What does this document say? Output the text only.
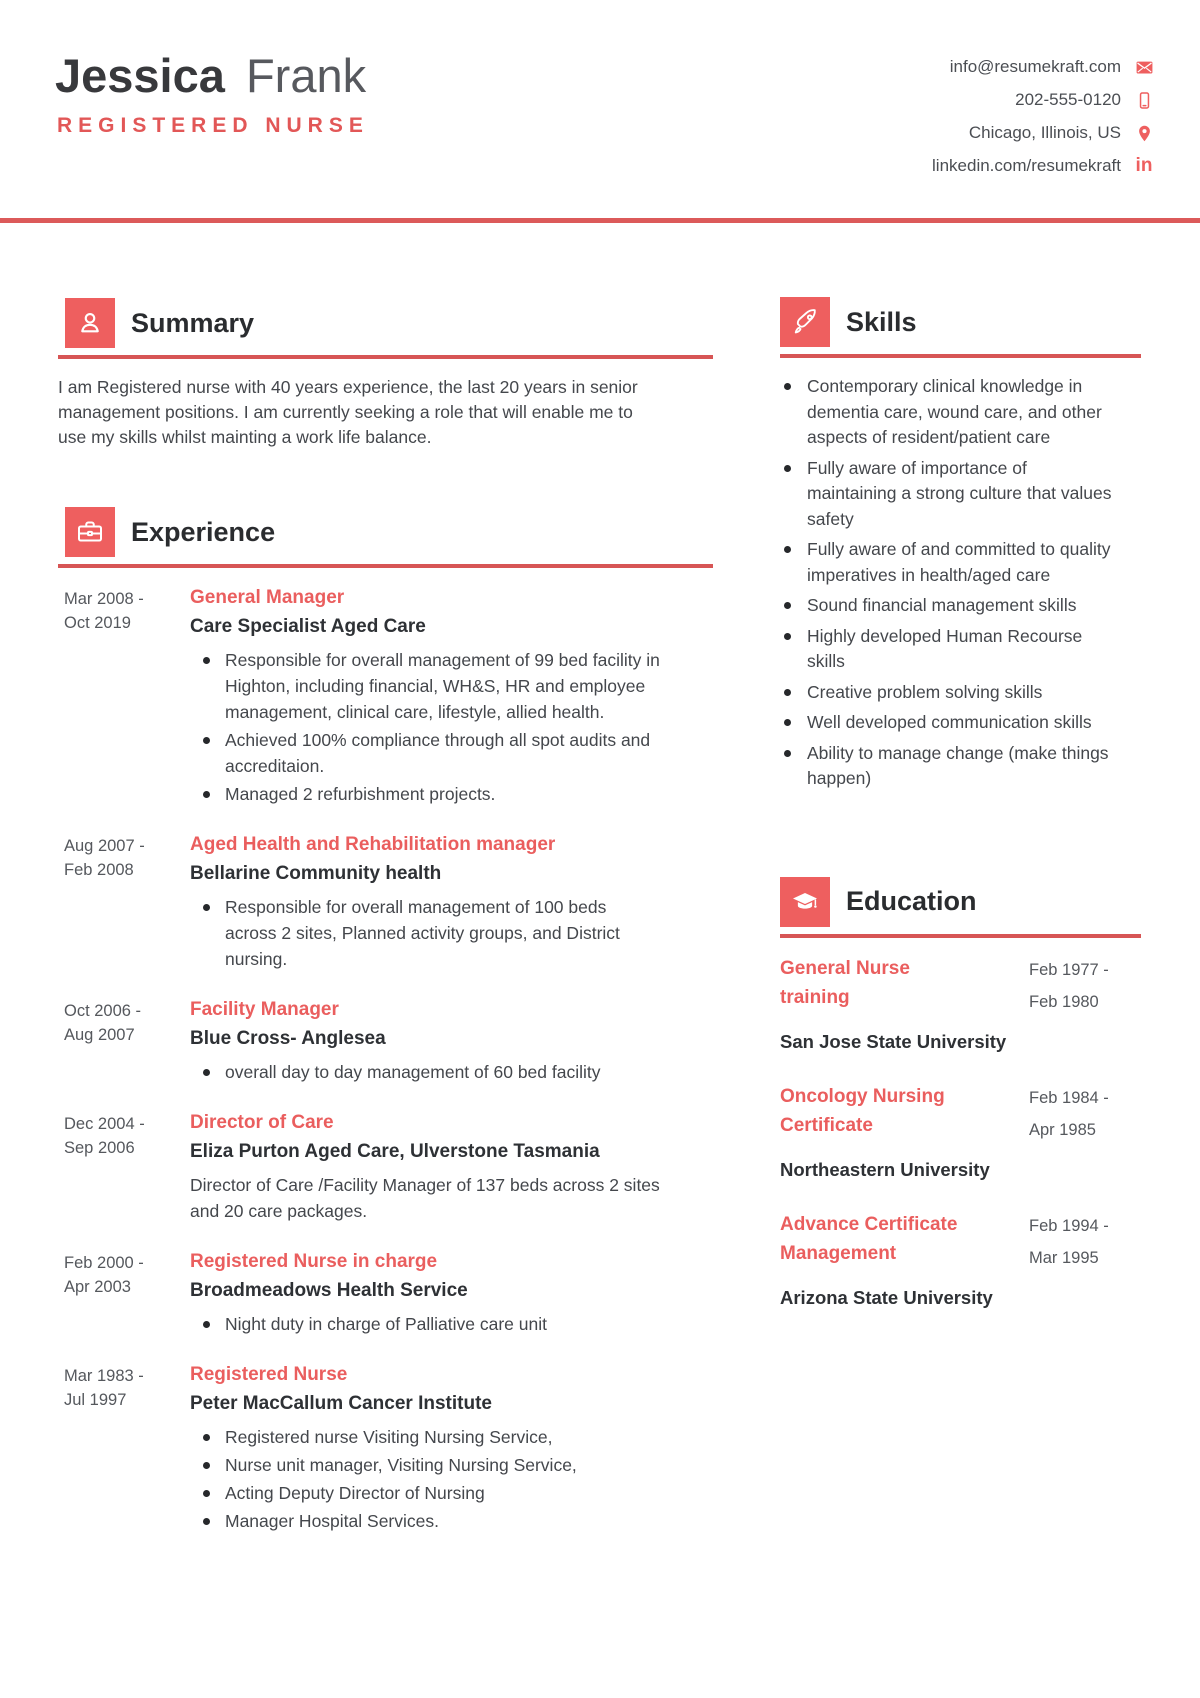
Jessica Frank
REGISTERED NURSE
info@resumekraft.com
202-555-0120
Chicago, Illinois, US
linkedin.com/resumekraft in
Summary

I am Registered nurse with 40 years experience, the last 20 years in senior management positions. I am currently seeking a role that will enable me to use my skills whilst mainting a work life balance.

Experience
Mar 2008 -
Oct 2019
General Manager
Care Specialist Aged Care
Responsible for overall management of 99 bed facility in Highton, including financial, WH&S, HR and employee management, clinical care, lifestyle, allied health.
Achieved 100% compliance through all spot audits and accreditaion.
Managed 2 refurbishment projects.
Aug 2007 -
Feb 2008
Aged Health and Rehabilitation manager
Bellarine Community health
Responsible for overall management of 100 beds across 2 sites, Planned activity groups, and District nursing.
Oct 2006 -
Aug 2007
Facility Manager
Blue Cross- Anglesea
overall day to day management of 60 bed facility
Dec 2004 -
Sep 2006
Director of Care
Eliza Purton Aged Care, Ulverstone Tasmania

Director of Care /Facility Manager of 137 beds across 2 sites and 20 care packages.

Feb 2000 -
Apr 2003
Registered Nurse in charge
Broadmeadows Health Service
Night duty in charge of Palliative care unit
Mar 1983 -
Jul 1997
Registered Nurse
Peter MacCallum Cancer Institute
Registered nurse Visiting Nursing Service,
Nurse unit manager, Visiting Nursing Service,
Acting Deputy Director of Nursing
Manager Hospital Services.
Skills
Contemporary clinical knowledge in dementia care, wound care, and other aspects of resident/patient care
Fully aware of importance of maintaining a strong culture that values safety
Fully aware of and committed to quality imperatives in health/aged care
Sound financial management skills
Highly developed Human Recourse skills
Creative problem solving skills
Well developed communication skills
Ability to manage change (make things happen)
Education
General Nurse training
Feb 1977 -
Feb 1980
San Jose State University
Oncology Nursing Certificate
Feb 1984 -
Apr 1985
Northeastern University
Advance Certificate Management
Feb 1994 -
Mar 1995
Arizona State University
